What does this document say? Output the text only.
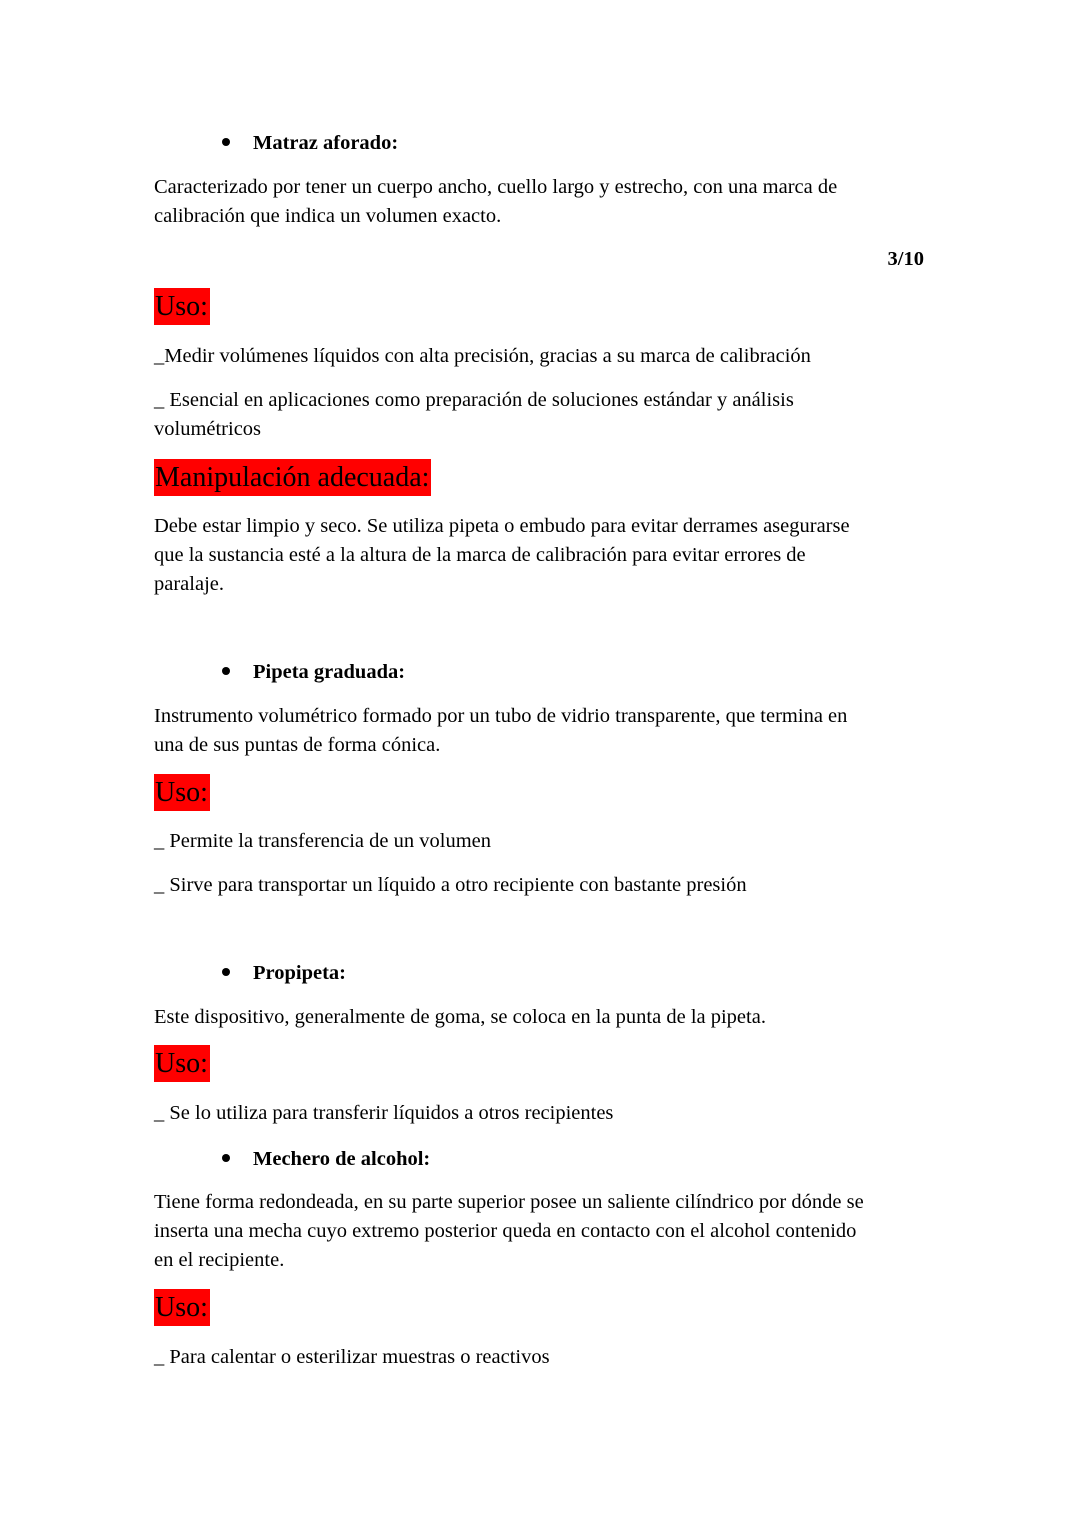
Matraz aforado:
Caracterizado por tener un cuerpo ancho, cuello largo y estrecho, con una marca de
calibración que indica un volumen exacto.
3/10
Uso:
_Medir volúmenes líquidos con alta precisión, gracias a su marca de calibración
_ Esencial en aplicaciones como preparación de soluciones estándar y análisis
volumétricos
Manipulación adecuada:
Debe estar limpio y seco. Se utiliza pipeta o embudo para evitar derrames asegurarse
que la sustancia esté a la altura de la marca de calibración para evitar errores de
paralaje.
Pipeta graduada:
Instrumento volumétrico formado por un tubo de vidrio transparente, que termina en
una de sus puntas de forma cónica.
Uso:
_ Permite la transferencia de un volumen
_ Sirve para transportar un líquido a otro recipiente con bastante presión
Propipeta:
Este dispositivo, generalmente de goma, se coloca en la punta de la pipeta.
Uso:
_ Se lo utiliza para transferir líquidos a otros recipientes
Mechero de alcohol:
Tiene forma redondeada, en su parte superior posee un saliente cilíndrico por dónde se
inserta una mecha cuyo extremo posterior queda en contacto con el alcohol contenido
en el recipiente.
Uso:
_ Para calentar o esterilizar muestras o reactivos
